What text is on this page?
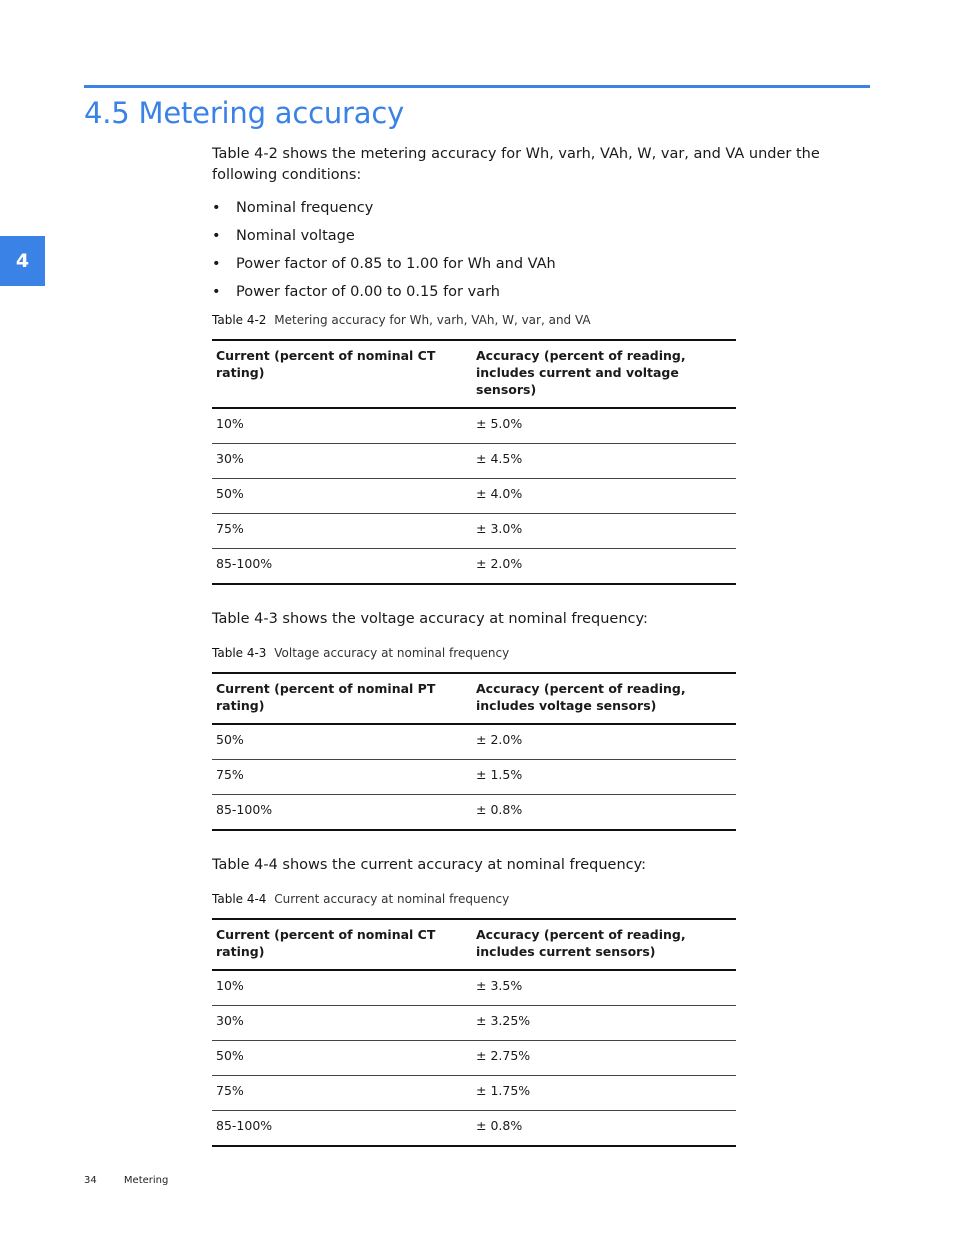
4.5 Metering accuracy
4

Table 4-2 shows the metering accuracy for Wh, varh, VAh, W, var, and VA under the following conditions:

• Nominal frequency
• Nominal voltage
• Power factor of 0.85 to 1.00 for Wh and VAh
• Power factor of 0.00 to 0.15 for varh
Table 4-2 Metering accuracy for Wh, varh, VAh, W, var, and VA
Current (percent of nominal CT rating)	Accuracy (percent of reading, includes current and voltage sensors)
10%	± 5.0%
30%	± 4.5%
50%	± 4.0%
75%	± 3.0%
85-100%	± 2.0%

Table 4-3 shows the voltage accuracy at nominal frequency:

Table 4-3 Voltage accuracy at nominal frequency
Current (percent of nominal PT rating)	Accuracy (percent of reading, includes voltage sensors)
50%	± 2.0%
75%	± 1.5%
85-100%	± 0.8%

Table 4-4 shows the current accuracy at nominal frequency:

Table 4-4 Current accuracy at nominal frequency
Current (percent of nominal CT rating)	Accuracy (percent of reading, includes current sensors)
10%	± 3.5%
30%	± 3.25%
50%	± 2.75%
75%	± 1.75%
85-100%	± 0.8%
34	Metering
